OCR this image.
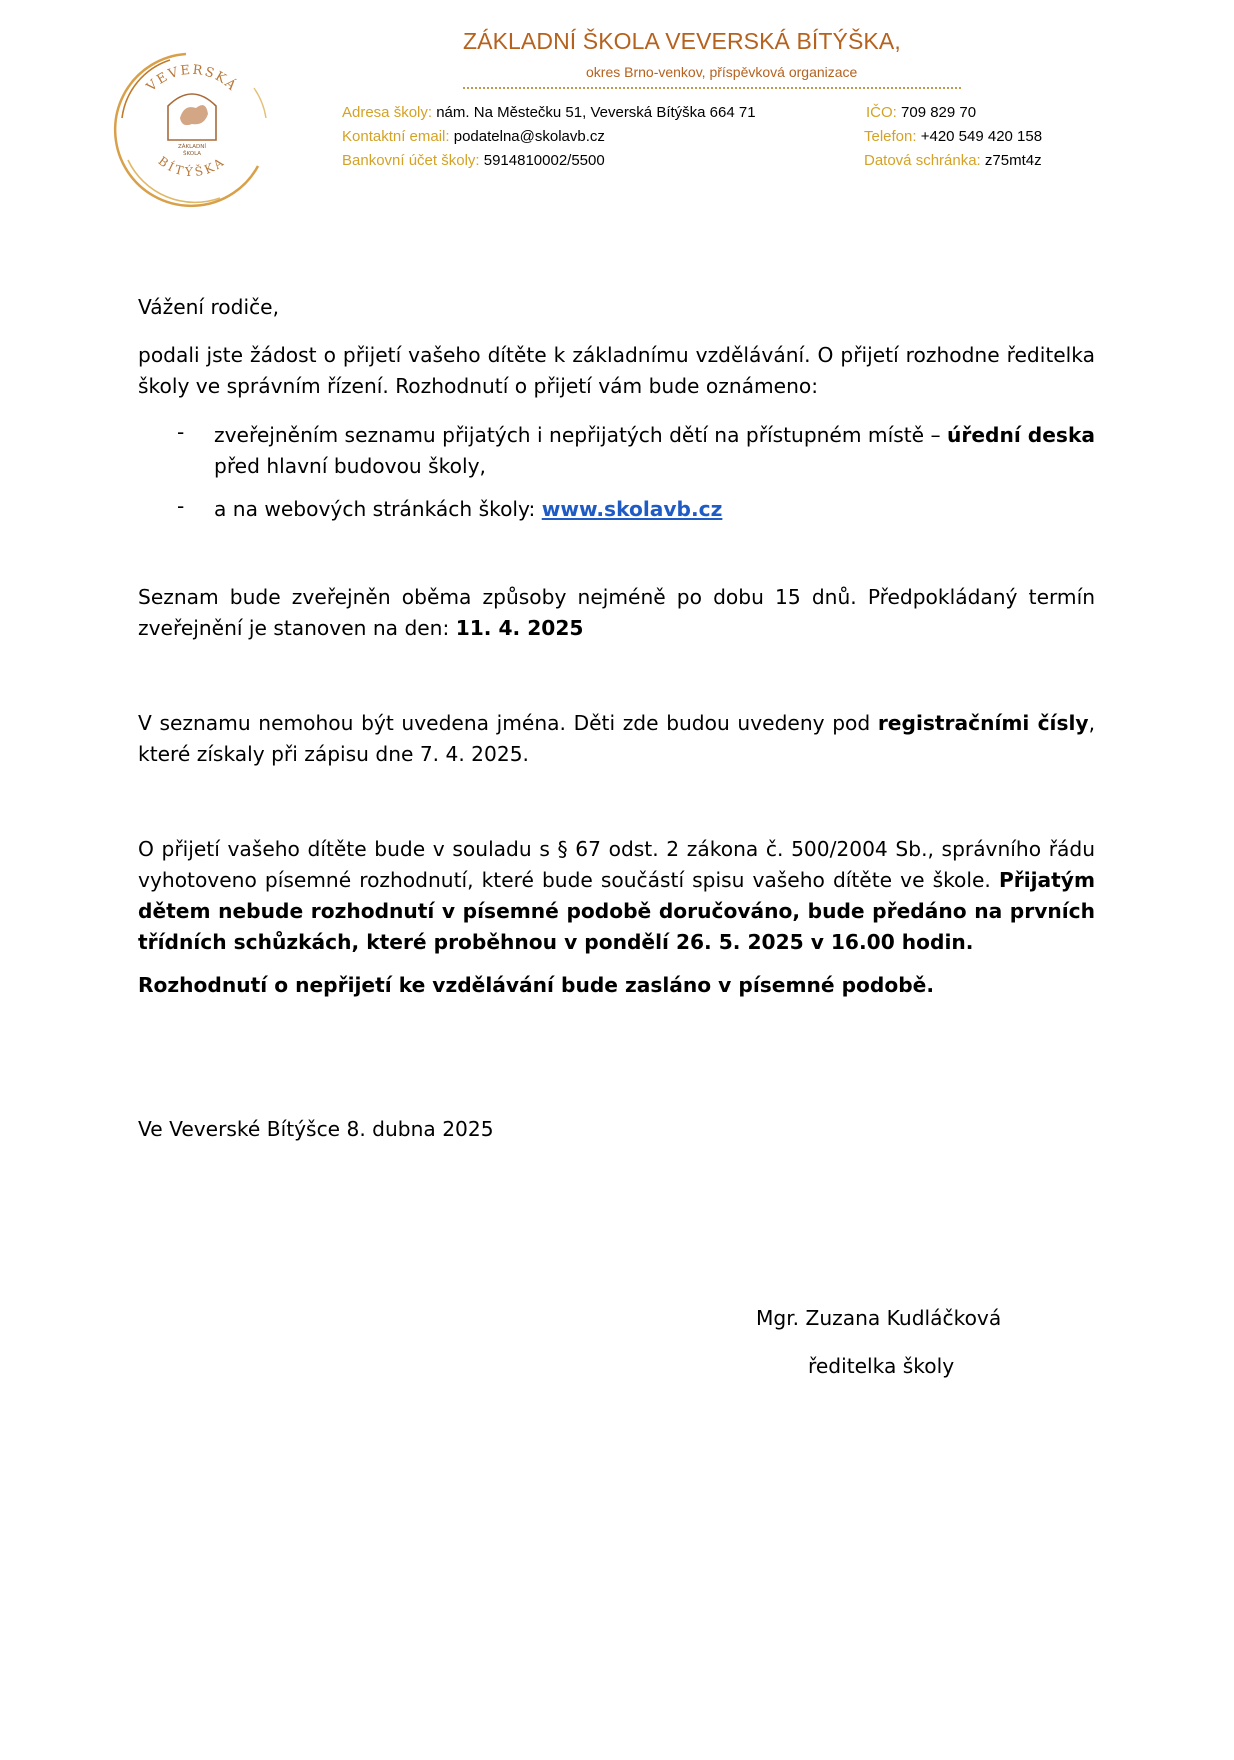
VEVERSKÁ
BÍTÝŠKA
ZÁKLADNÍ
ŠKOLA
ZÁKLADNÍ ŠKOLA VEVERSKÁ BÍTÝŠKA,
okres Brno-venkov, příspěvková organizace
Adresa školy: nám. Na Městečku 51, Veverská Bítýška 664 71
Kontaktní email: podatelna@skolavb.cz
Bankovní účet školy: 5914810002/5500
IČO: 709 829 70
Telefon: +420 549 420 158
Datová schránka: z75mt4z

Vážení rodiče,

podali jste žádost o přijetí vašeho dítěte k základnímu vzdělávání. O přijetí rozhodne ředitelka školy ve správním řízení. Rozhodnutí o přijetí vám bude oznámeno:

- zveřejněním seznamu přijatých i nepřijatých dětí na přístupném místě – úřední deska před hlavní budovou školy,

- a na webových stránkách školy: www.skolavb.cz

Seznam bude zveřejněn oběma způsoby nejméně po dobu 15 dnů. Předpokládaný termín zveřejnění je stanoven na den: 11. 4. 2025

V seznamu nemohou být uvedena jména. Děti zde budou uvedeny pod registračními čísly, které získaly při zápisu dne 7. 4. 2025.

O přijetí vašeho dítěte bude v souladu s § 67 odst. 2 zákona č. 500/2004 Sb., správního řádu vyhotoveno písemné rozhodnutí, které bude součástí spisu vašeho dítěte ve škole. Přijatým dětem nebude rozhodnutí v písemné podobě doručováno, bude předáno na prvních třídních schůzkách, které proběhnou v pondělí 26. 5. 2025 v 16.00 hodin.

Rozhodnutí o nepřijetí ke vzdělávání bude zasláno v písemné podobě.

Ve Veverské Bítýšce 8. dubna 2025

Mgr. Zuzana Kudláčková
ředitelka školy
